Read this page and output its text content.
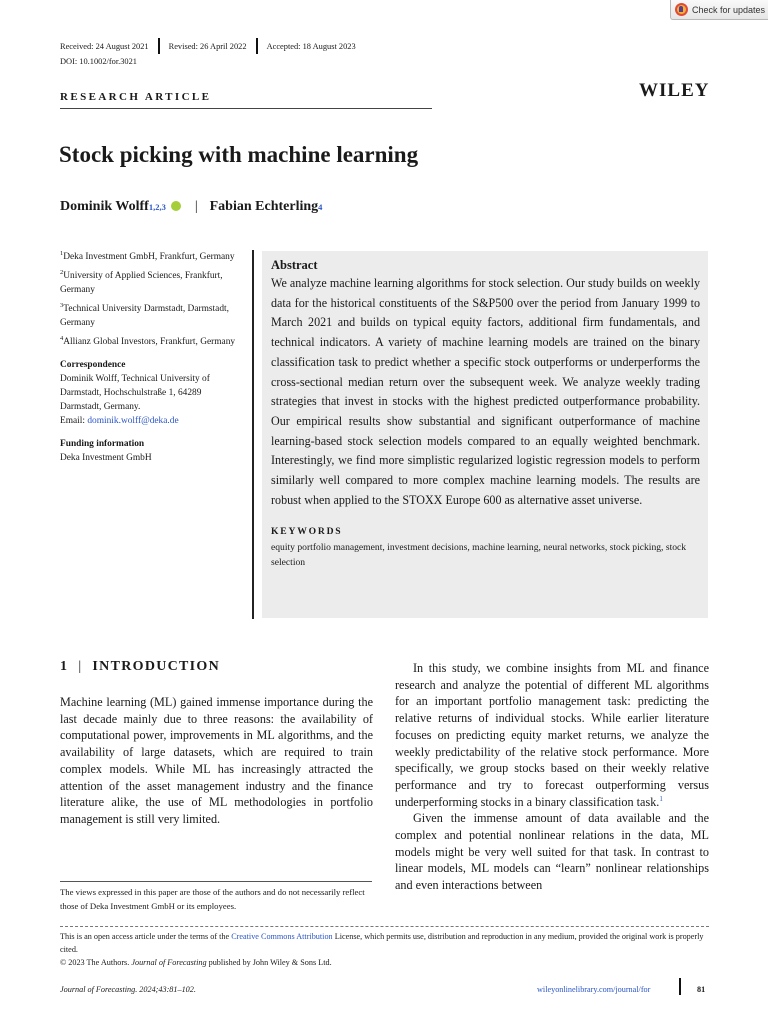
Check for updates
Received: 24 August 2021 Revised: 26 April 2022 Accepted: 18 August 2023
DOI: 10.1002/for.3021
RESEARCH ARTICLE	WILEY
Stock picking with machine learning
Dominik Wolff 1,2,3 | Fabian Echterling 4

$^1$Deka Investment GmbH, Frankfurt, Germany

$^2$University of Applied Sciences, Frankfurt, Germany

$^3$Technical University Darmstadt, Darmstadt, Germany

$^4$Allianz Global Investors, Frankfurt, Germany

Correspondence
Dominik Wolff, Technical University of Darmstadt, Hochschulstraße 1, 64289 Darmstadt, Germany.
Email: dominik.wolff@deka.de
Funding information
Deka Investment GmbH
Abstract
We analyze machine learning algorithms for stock selection. Our study builds on weekly data for the historical constituents of the S&P500 over the period from January 1999 to March 2021 and builds on typical equity factors, additional firm fundamentals, and technical indicators. A variety of machine learning models are trained on the binary classification task to predict whether a specific stock outperforms or underperforms the cross-sectional median return over the subsequent week. We analyze weekly trading strategies that invest in stocks with the highest predicted outperformance probability. Our empirical results show substantial and significant outperformance of machine learning-based stock selection models compared to an equally weighted benchmark. Interestingly, we find more simplistic regularized logistic regression models to perform similarly well compared to more complex machine learning models. The results are robust when applied to the STOXX Europe 600 as alternative asset universe.
KEYWORDS
equity portfolio management, investment decisions, machine learning, neural networks, stock picking, stock selection
1 | INTRODUCTION

Machine learning (ML) gained immense importance during the last decade mainly due to three reasons: the availability of computational power, improvements in ML algorithms, and the availability of large datasets, which are required to train complex models. While ML has increasingly attracted the attention of the asset management industry and the finance literature alike, the use of ML methodologies in portfolio management is still very limited.

In this study, we combine insights from ML and finance research and analyze the potential of different ML algorithms for an important portfolio management task: predicting the relative returns of individual stocks. While earlier literature focuses on predicting equity market returns, we analyze the weekly predictability of the relative stock performance. More specifically, we group stocks based on their weekly relative performance and try to forecast outperforming versus underperforming stocks in a binary classification task.$^1$

Given the immense amount of data available and the complex and potential nonlinear relations in the data, ML models might be very well suited for that task. In contrast to linear models, ML models can “learn” nonlinear relationships and even interactions between

The views expressed in this paper are those of the authors and do not necessarily reflect those of Deka Investment GmbH or its employees.
This is an open access article under the terms of the Creative Commons Attribution License, which permits use, distribution and reproduction in any medium, provided the original work is properly cited.
© 2023 The Authors. Journal of Forecasting published by John Wiley & Sons Ltd.
Journal of Forecasting. 2024;43:81–102.	wileyonlinelibrary.com/journal/for	81
